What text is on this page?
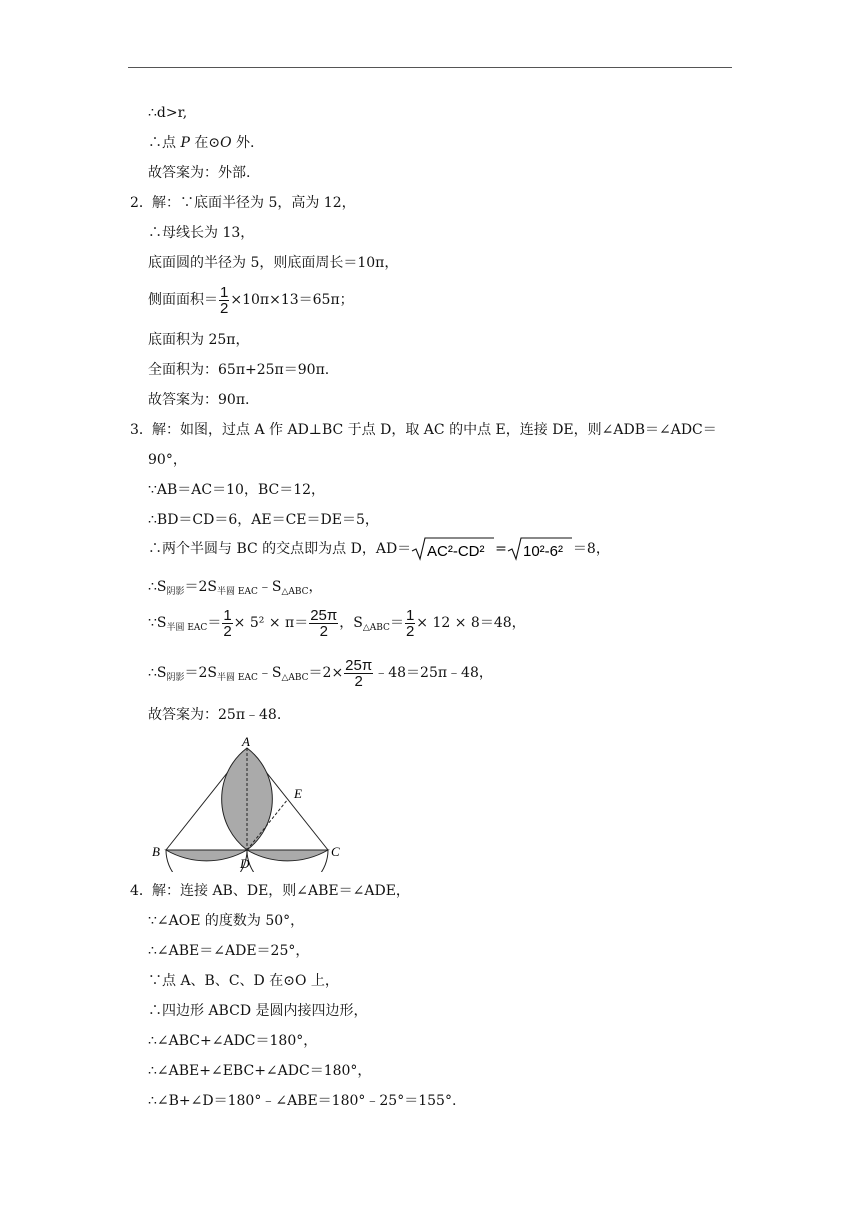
∴d>r,
∴点 P 在⊙O 外.
故答案为：外部.
2． 解：∵底面半径为 5，高为 12，
∴母线长为 13，
底面圆的半径为 5，则底面周长＝10π，
侧面面积＝ $\frac{1}{2} \times 10\pi\times 13=65\pi$；
底面积为 25π，
全面积为：65π+25π＝90π.
故答案为：90π.
3． 解：如图，过点 A 作 AD⊥BC 于点 D，取 AC 的中点 E，连接 DE，则∠ADB＝∠ADC＝
90°，
∵AB＝AC＝10，BC＝12，
∴BD＝CD＝6，AE＝CE＝DE＝5，
∴两个半圆与 BC 的交点即为点 D，AD＝ AC²-CD² = 10²-6² ＝8，
$\therefore S_{阴影}=2S_{半圆 EAC}﹣S_{\triangle ABC}$，
$\because S_{半圆 EAC}= \frac{1}{2} \times 5^2 \times \pi= \frac{25\pi}{2}$ ，$S_{\triangle ABC}= \frac{1}{2} \times 12 \times 8=48$，
$\therefore S_{阴影}=2S_{半圆 EAC}﹣S_{\triangle ABC}=2\times \frac{25\pi}{2}$ ﹣48＝25π﹣48，
故答案为：25π﹣48.
A
B	C
D
E
4． 解：连接 AB、DE，则∠ABE＝∠ADE，
∵∠AOE 的度数为 50°，
∴∠ABE＝∠ADE＝25°，
∵点 A、B、C、D 在⊙O 上，
∴四边形 ABCD 是圆内接四边形，
∴∠ABC+∠ADC＝180°，
∴∠ABE+∠EBC+∠ADC＝180°，
∴∠B+∠D＝180°﹣∠ABE＝180°﹣25°＝155°.
